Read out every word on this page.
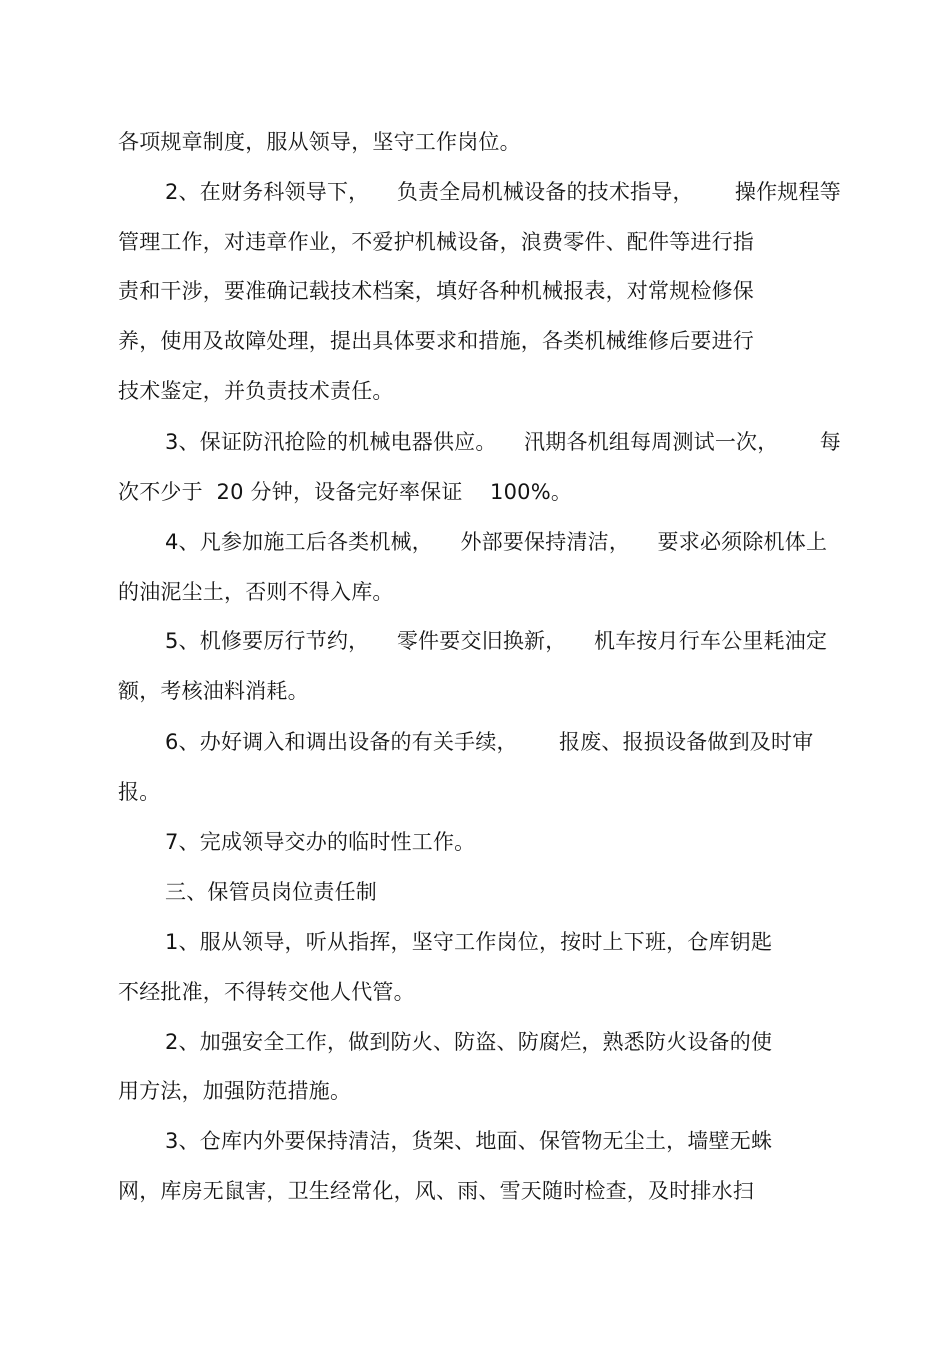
各项规章制度，服从领导，坚守工作岗位。
2、在财务科领导下，    负责全局机械设备的技术指导，      操作规程等
管理工作，对违章作业，不爱护机械设备，浪费零件、配件等进行指
责和干涉，要准确记载技术档案，填好各种机械报表，对常规检修保
养，使用及故障处理，提出具体要求和措施，各类机械维修后要进行
技术鉴定，并负责技术责任。
3、保证防汛抢险的机械电器供应。    汛期各机组每周测试一次，      每
次不少于  20 分钟，设备完好率保证    100%。
4、凡参加施工后各类机械，    外部要保持清洁，    要求必须除机体上
的油泥尘土，否则不得入库。
5、机修要厉行节约，    零件要交旧换新，    机车按月行车公里耗油定
额，考核油料消耗。
6、办好调入和调出设备的有关手续，      报废、报损设备做到及时审
报。
7、完成领导交办的临时性工作。
三、保管员岗位责任制
1、服从领导，听从指挥，坚守工作岗位，按时上下班，仓库钥匙
不经批准，不得转交他人代管。
2、加强安全工作，做到防火、防盗、防腐烂，熟悉防火设备的使
用方法，加强防范措施。
3、仓库内外要保持清洁，货架、地面、保管物无尘土，墙壁无蛛
网，库房无鼠害，卫生经常化，风、雨、雪天随时检查，及时排水扫
